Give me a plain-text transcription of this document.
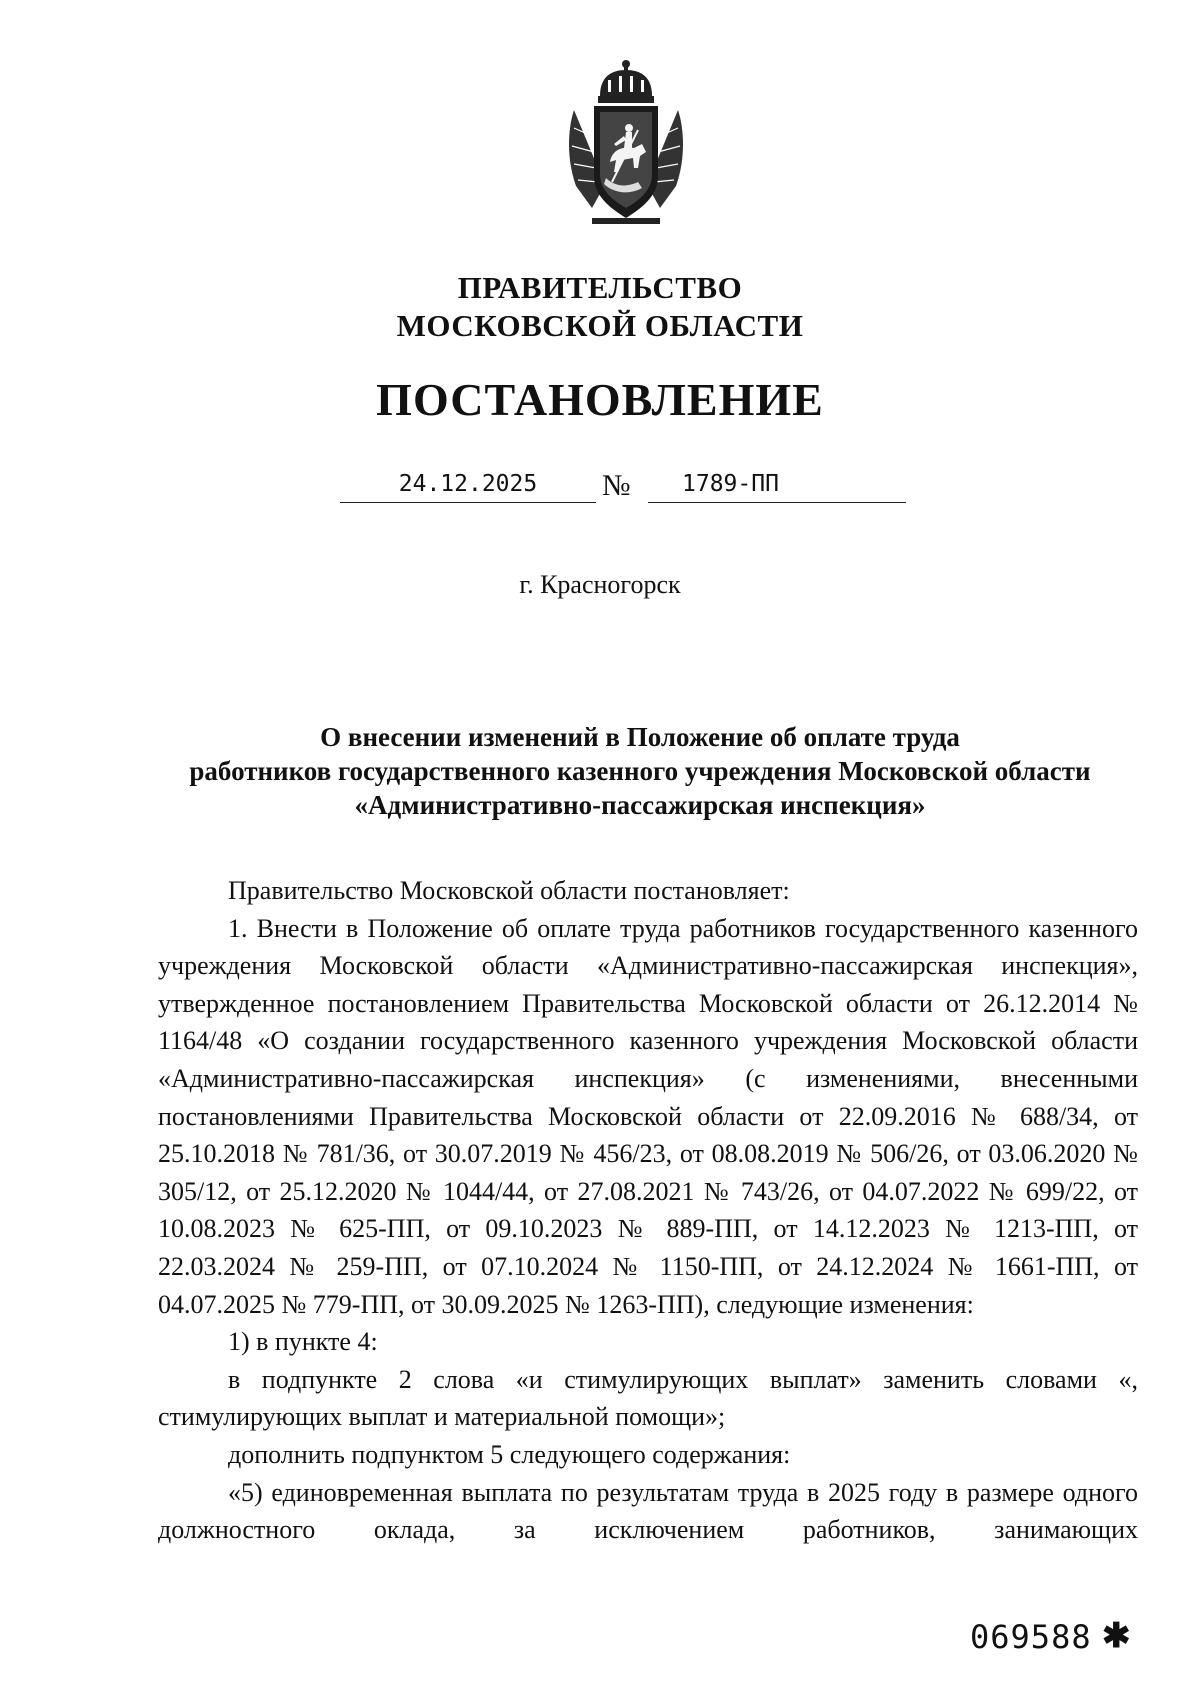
ПРАВИТЕЛЬСТВО
МОСКОВСКОЙ ОБЛАСТИ
ПОСТАНОВЛЕНИЕ
24.12.2025	№	1789-ПП
г. Красногорск
О внесении изменений в Положение об оплате труда
работников государственного казенного учреждения Московской области
«Административно-пассажирская инспекция»

Правительство Московской области постановляет:

1. Внести в Положение об оплате труда работников государственного казенного учреждения Московской области «Административно-пассажирская инспекция», утвержденное постановлением Правительства Московской области от 26.12.2014 № 1164/48 «О создании государственного казенного учреждения Московской области «Административно-пассажирская инспекция» (с изменениями, внесенными постановлениями Правительства Московской области от 22.09.2016 № 688/34, от 25.10.2018 № 781/36, от 30.07.2019 № 456/23, от 08.08.2019 № 506/26, от 03.06.2020 № 305/12, от 25.12.2020 № 1044/44, от 27.08.2021 № 743/26, от 04.07.2022 № 699/22, от 10.08.2023 № 625-ПП, от 09.10.2023 № 889-ПП, от 14.12.2023 № 1213-ПП, от 22.03.2024 № 259-ПП, от 07.10.2024 № 1150-ПП, от 24.12.2024 № 1661-ПП, от 04.07.2025 № 779-ПП, от 30.09.2025 № 1263-ПП), следующие изменения:

1) в пункте 4:

в подпункте 2 слова «и стимулирующих выплат» заменить словами «, стимулирующих выплат и материальной помощи»;

дополнить подпунктом 5 следующего содержания:

«5) единовременная выплата по результатам труда в 2025 году в размере одного должностного оклада, за исключением работников, занимающих

069588 ✱
